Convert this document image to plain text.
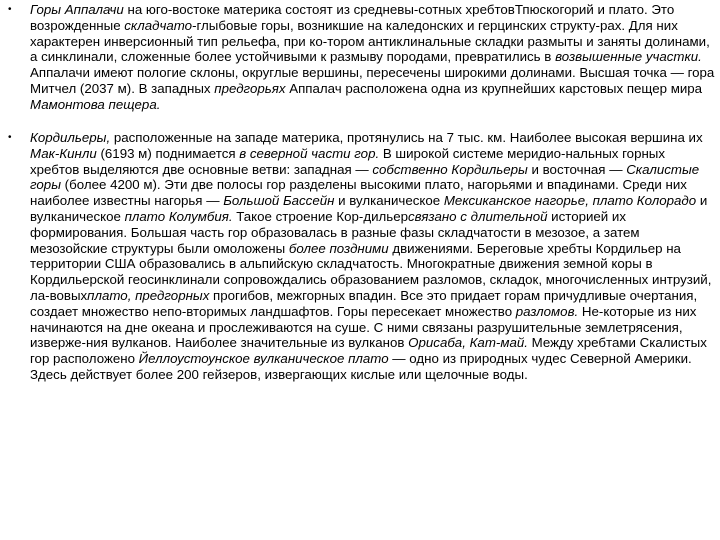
• Горы Аппалачи на юго-востоке материка состоят из средневы-сотных хребтовТпюскогорий и плато. Это возрожденные складчато-глыбовые горы, возникшие на каледонских и герцинских структу-рах. Для них характерен инверсионный тип рельефа, при ко-тором антиклинальные складки размыты и заняты долинами, а синклинали, сложенные более устойчивыми к размыву породами, превратились в возвышенные участки. Аппалачи имеют пологие склоны, округлые вершины, пересечены широкими долинами. Высшая точка — гора Митчел (2037 м). В западных предгорьях Аппалач расположена одна из крупнейших карстовых пещер мира Мамонтова пещера.

• Кордильеры, расположенные на западе материка, протянулись на 7 тыс. км. Наиболее высокая вершина их Мак-Кинли (6193 м) поднимается в северной части гор. В широкой системе меридио-нальных горных хребтов выделяются две основные ветви: западная — собственно Кордильеры и восточная — Скалистые горы (более 4200 м). Эти две полосы гор разделены высокими плато, нагорьями и впадинами. Среди них наиболее известны нагорья — Большой Бассейн и вулканическое Мексиканское нагорье, плато Колорадо и вулканическое плато Колумбия. Такое строение Кор-дильерсвязано с длительной историей их формирования. Большая часть гор образовалась в разные фазы складчатости в мезозое, а затем мезозойские структуры были омоложены более поздними движениями. Береговые хребты Кордильер на территории США образовались в альпийскую складчатость. Многократные движения земной коры в Кордильерской геосинклинали сопровождались образованием разломов, складок, многочисленных интрузий, ла-вовыхплато, предгорных прогибов, межгорных впадин. Все это придает горам причудливые очертания, создает множество непо-вторимых ландшафтов. Горы пересекает множество разломов. Не-которые из них начинаются на дне океана и прослеживаются на суше. С ними связаны разрушительные землетрясения, изверже-ния вулканов. Наиболее значительные из вулканов Орисаба, Кат-май. Между хребтами Скалистых гор расположено Йеллоустоунское вулканическое плато — одно из природных чудес Северной Америки. Здесь действует более 200 гейзеров, извергающих кислые или щелочные воды.
